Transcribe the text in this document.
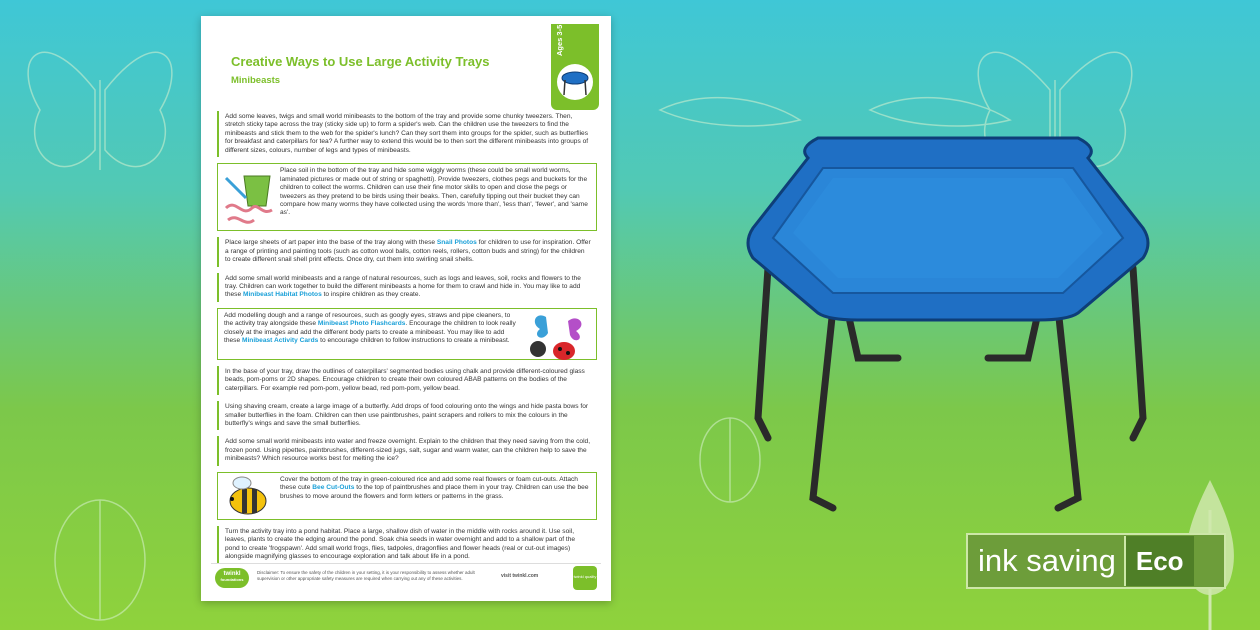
Creative Ways to Use Large Activity Trays
Minibeasts
Ages 3-5
Add some leaves, twigs and small world minibeasts to the bottom of the tray and provide some chunky tweezers. Then, stretch sticky tape across the tray (sticky side up) to form a spider's web. Can the children use the tweezers to find the minibeasts and stick them to the web for the spider's lunch? Can they sort them into groups for the spider, such as butterflies for breakfast and caterpillars for tea? A further way to extend this would be to then sort the different minibeasts into groups of different sizes, colours, number of legs and types of minibeasts.
Place soil in the bottom of the tray and hide some wiggly worms (these could be small world worms, laminated pictures or made out of string or spaghetti). Provide tweezers, clothes pegs and buckets for the children to collect the worms. Children can use their fine motor skills to open and close the pegs or tweezers as they pretend to be birds using their beaks. Then, carefully tipping out their bucket they can compare how many worms they have collected using the words 'more than', 'less than', 'fewer', and 'same as'.
Place large sheets of art paper into the base of the tray along with these Snail Photos for children to use for inspiration. Offer a range of printing and painting tools (such as cotton wool balls, cotton reels, rollers, cotton buds and string) for the children to create different snail shell print effects. Once dry, cut them into swirling snail shells.
Add some small world minibeasts and a range of natural resources, such as logs and leaves, soil, rocks and flowers to the tray. Children can work together to build the different minibeasts a home for them to crawl and hide in. You may like to add these Minibeast Habitat Photos to inspire children as they create.
Add modelling dough and a range of resources, such as googly eyes, straws and pipe cleaners, to the activity tray alongside these Minibeast Photo Flashcards. Encourage the children to look really closely at the images and add the different body parts to create a minibeast. You may like to add these Minibeast Activity Cards to encourage children to follow instructions to create a minibeast.
In the base of your tray, draw the outlines of caterpillars' segmented bodies using chalk and provide different-coloured glass beads, pom-poms or 2D shapes. Encourage children to create their own coloured ABAB patterns on the bodies of the caterpillars. For example red pom-pom, yellow bead, red pom-pom, yellow bead.
Using shaving cream, create a large image of a butterfly. Add drops of food colouring onto the wings and hide pasta bows for smaller butterflies in the foam. Children can then use paintbrushes, paint scrapers and rollers to mix the colours in the butterfly's wings and save the small butterflies.
Add some small world minibeasts into water and freeze overnight. Explain to the children that they need saving from the cold, frozen pond. Using pipettes, paintbrushes, different-sized jugs, salt, sugar and warm water, can the children help to save the minibeasts? Which resource works best for melting the ice?
Cover the bottom of the tray in green-coloured rice and add some real flowers or foam cut-outs. Attach these cute Bee Cut-Outs to the top of paintbrushes and place them in your tray. Children can use the bee brushes to move around the flowers and form letters or patterns in the grass.
Turn the activity tray into a pond habitat. Place a large, shallow dish of water in the middle with rocks around it. Use soil, leaves, plants to create the edging around the pond. Soak chia seeds in water overnight and add to a shallow part of the pond to create 'frogspawn'. Add small world frogs, flies, tadpoles, dragonflies and flower heads (real or cut-out images) alongside magnifying glasses to encourage exploration and talk about life in a pond.
twinkl
foundations
Disclaimer: To ensure the safety of the children in your setting, it is your responsibility to assess whether adult supervision or other appropriate safety measures are required when carrying out any of these activities.	visit twinkl.com	twinkl quality	ink saving Eco
